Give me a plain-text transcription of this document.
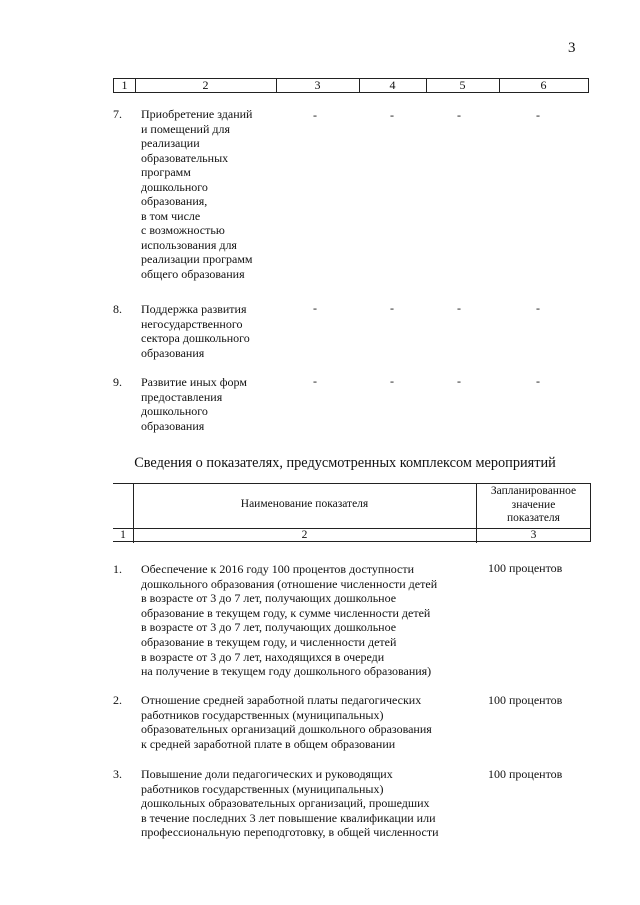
3
1	2	3	4	5	6
7. Приобретение зданий
и помещений для
реализации
образовательных
программ
дошкольного
образования,
в том числе
с возможностью
использования для
реализации программ
общего образования
-	-	-	-
8. Поддержка развития
негосударственного
сектора дошкольного
образования
-	-	-	-
9. Развитие иных форм
предоставления
дошкольного
образования
-	-	-	-
Сведения о показателях, предусмотренных комплексом мероприятий
Наименование показателя
Запланированное
значение
показателя
1	2	3
1. Обеспечение к 2016 году 100 процентов доступности
дошкольного образования (отношение численности детей
в возрасте от 3 до 7 лет, получающих дошкольное
образование в текущем году, к сумме численности детей
в возрасте от 3 до 7 лет, получающих дошкольное
образование в текущем году, и численности детей
в возрасте от 3 до 7 лет, находящихся в очереди
на получение в текущем году дошкольного образования)
100 процентов
2. Отношение средней заработной платы педагогических
работников государственных (муниципальных)
образовательных организаций дошкольного образования
к средней заработной плате в общем образовании
100 процентов
3. Повышение доли педагогических и руководящих
работников государственных (муниципальных)
дошкольных образовательных организаций, прошедших
в течение последних 3 лет повышение квалификации или
профессиональную переподготовку, в общей численности
100 процентов
